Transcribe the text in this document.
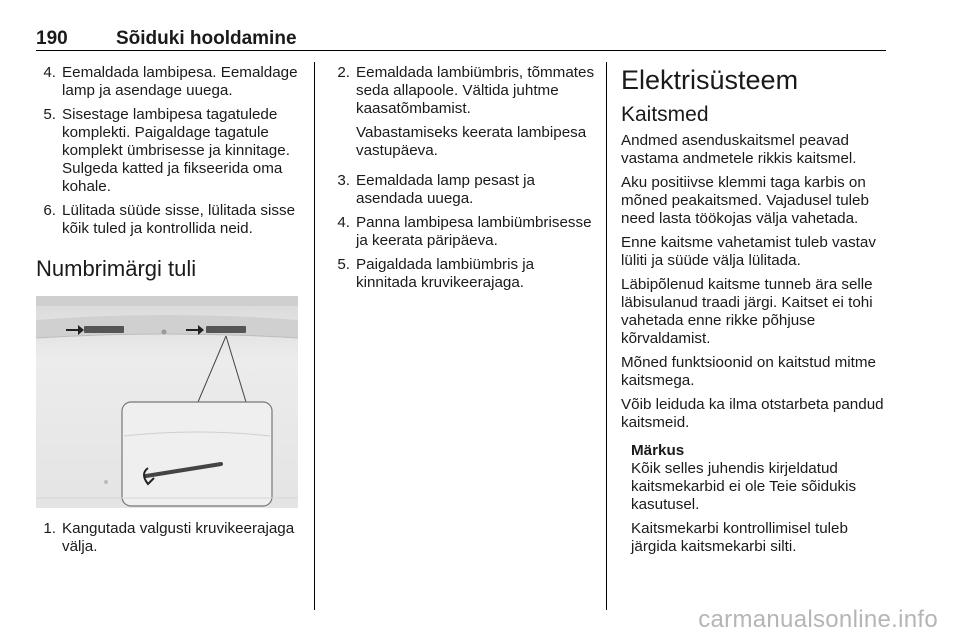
190	Sõiduki hooldamine
4. Eemaldada lambipesa. Eemaldage lamp ja asendage uuega.
5. Sisestage lambipesa tagatulede komplekti. Paigaldage tagatule komplekt ümbrisesse ja kinnitage. Sulgeda katted ja fikseerida oma kohale.
6. Lülitada süüde sisse, lülitada sisse kõik tuled ja kontrollida neid.
Numbrimärgi tuli
1. Kangutada valgusti kruvikeerajaga välja.
2. Eemaldada lambiümbris, tõmmates seda allapoole. Vältida juhtme kaasatõmbamist.

Vabastamiseks keerata lambipesa vastupäeva.

3. Eemaldada lamp pesast ja asendada uuega.
4. Panna lambipesa lambiümbrisesse ja keerata päripäeva.
5. Paigaldada lambiümbris ja kinnitada kruvikeerajaga.
Elektrisüsteem
Kaitsmed

Andmed asenduskaitsmel peavad vastama andmetele rikkis kaitsmel.

Aku positiivse klemmi taga karbis on mõned peakaitsmed. Vajadusel tuleb need lasta töökojas välja vahetada.

Enne kaitsme vahetamist tuleb vastav lüliti ja süüde välja lülitada.

Läbipõlenud kaitsme tunneb ära selle läbisulanud traadi järgi. Kaitset ei tohi vahetada enne rikke põhjuse kõrvaldamist.

Mõned funktsioonid on kaitstud mitme kaitsmega.

Võib leiduda ka ilma otstarbeta pandud kaitsmeid.

Märkus

Kõik selles juhendis kirjeldatud kaitsmekarbid ei ole Teie sõidukis kasutusel.

Kaitsmekarbi kontrollimisel tuleb järgida kaitsmekarbi silti.

carmanualsonline.info
